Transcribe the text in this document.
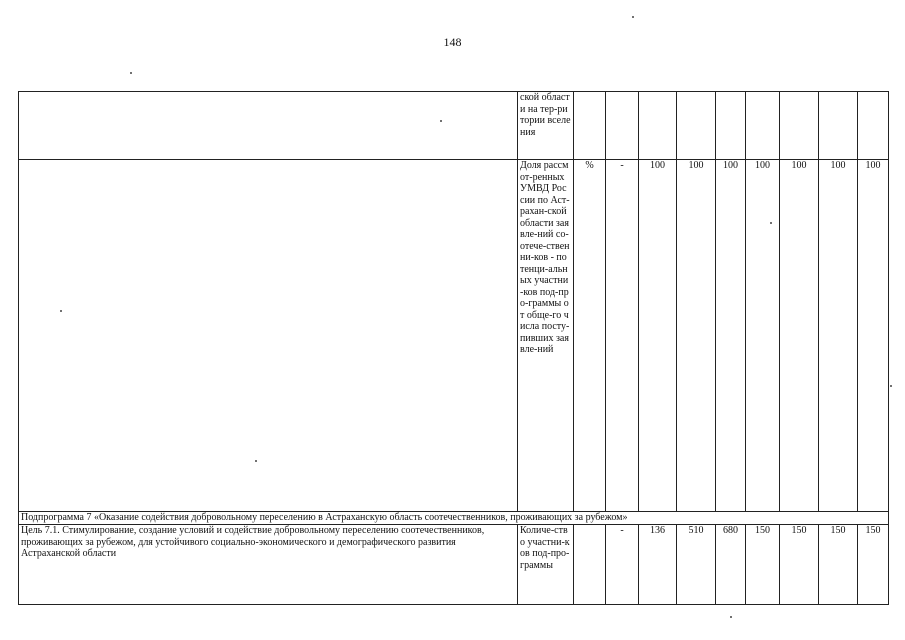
148
	ской области на тер-ритории вселения									
	Доля рассмот-ренных УМВД России по Аст-рахан-ской области заявле-ний со-отече-ственни-ков - потенци-альных участни-ков под-про-граммы от обще-го числа посту-пивших заявле-ний	%	-	100	100	100	100	100	100	100
Подпрограмма 7 «Оказание содействия добровольному переселению в Астраханскую область соотечественников, проживающих за рубежом»										
Цель 7.1. Стимулирование, создание условий и содействие добровольному переселению соотечественников, проживающих за рубежом, для устойчивого социально-экономического и демографического развития Астраханской области	Количе-ство участни-ков под-про-граммы		-	136	510	680	150	150	150	150
